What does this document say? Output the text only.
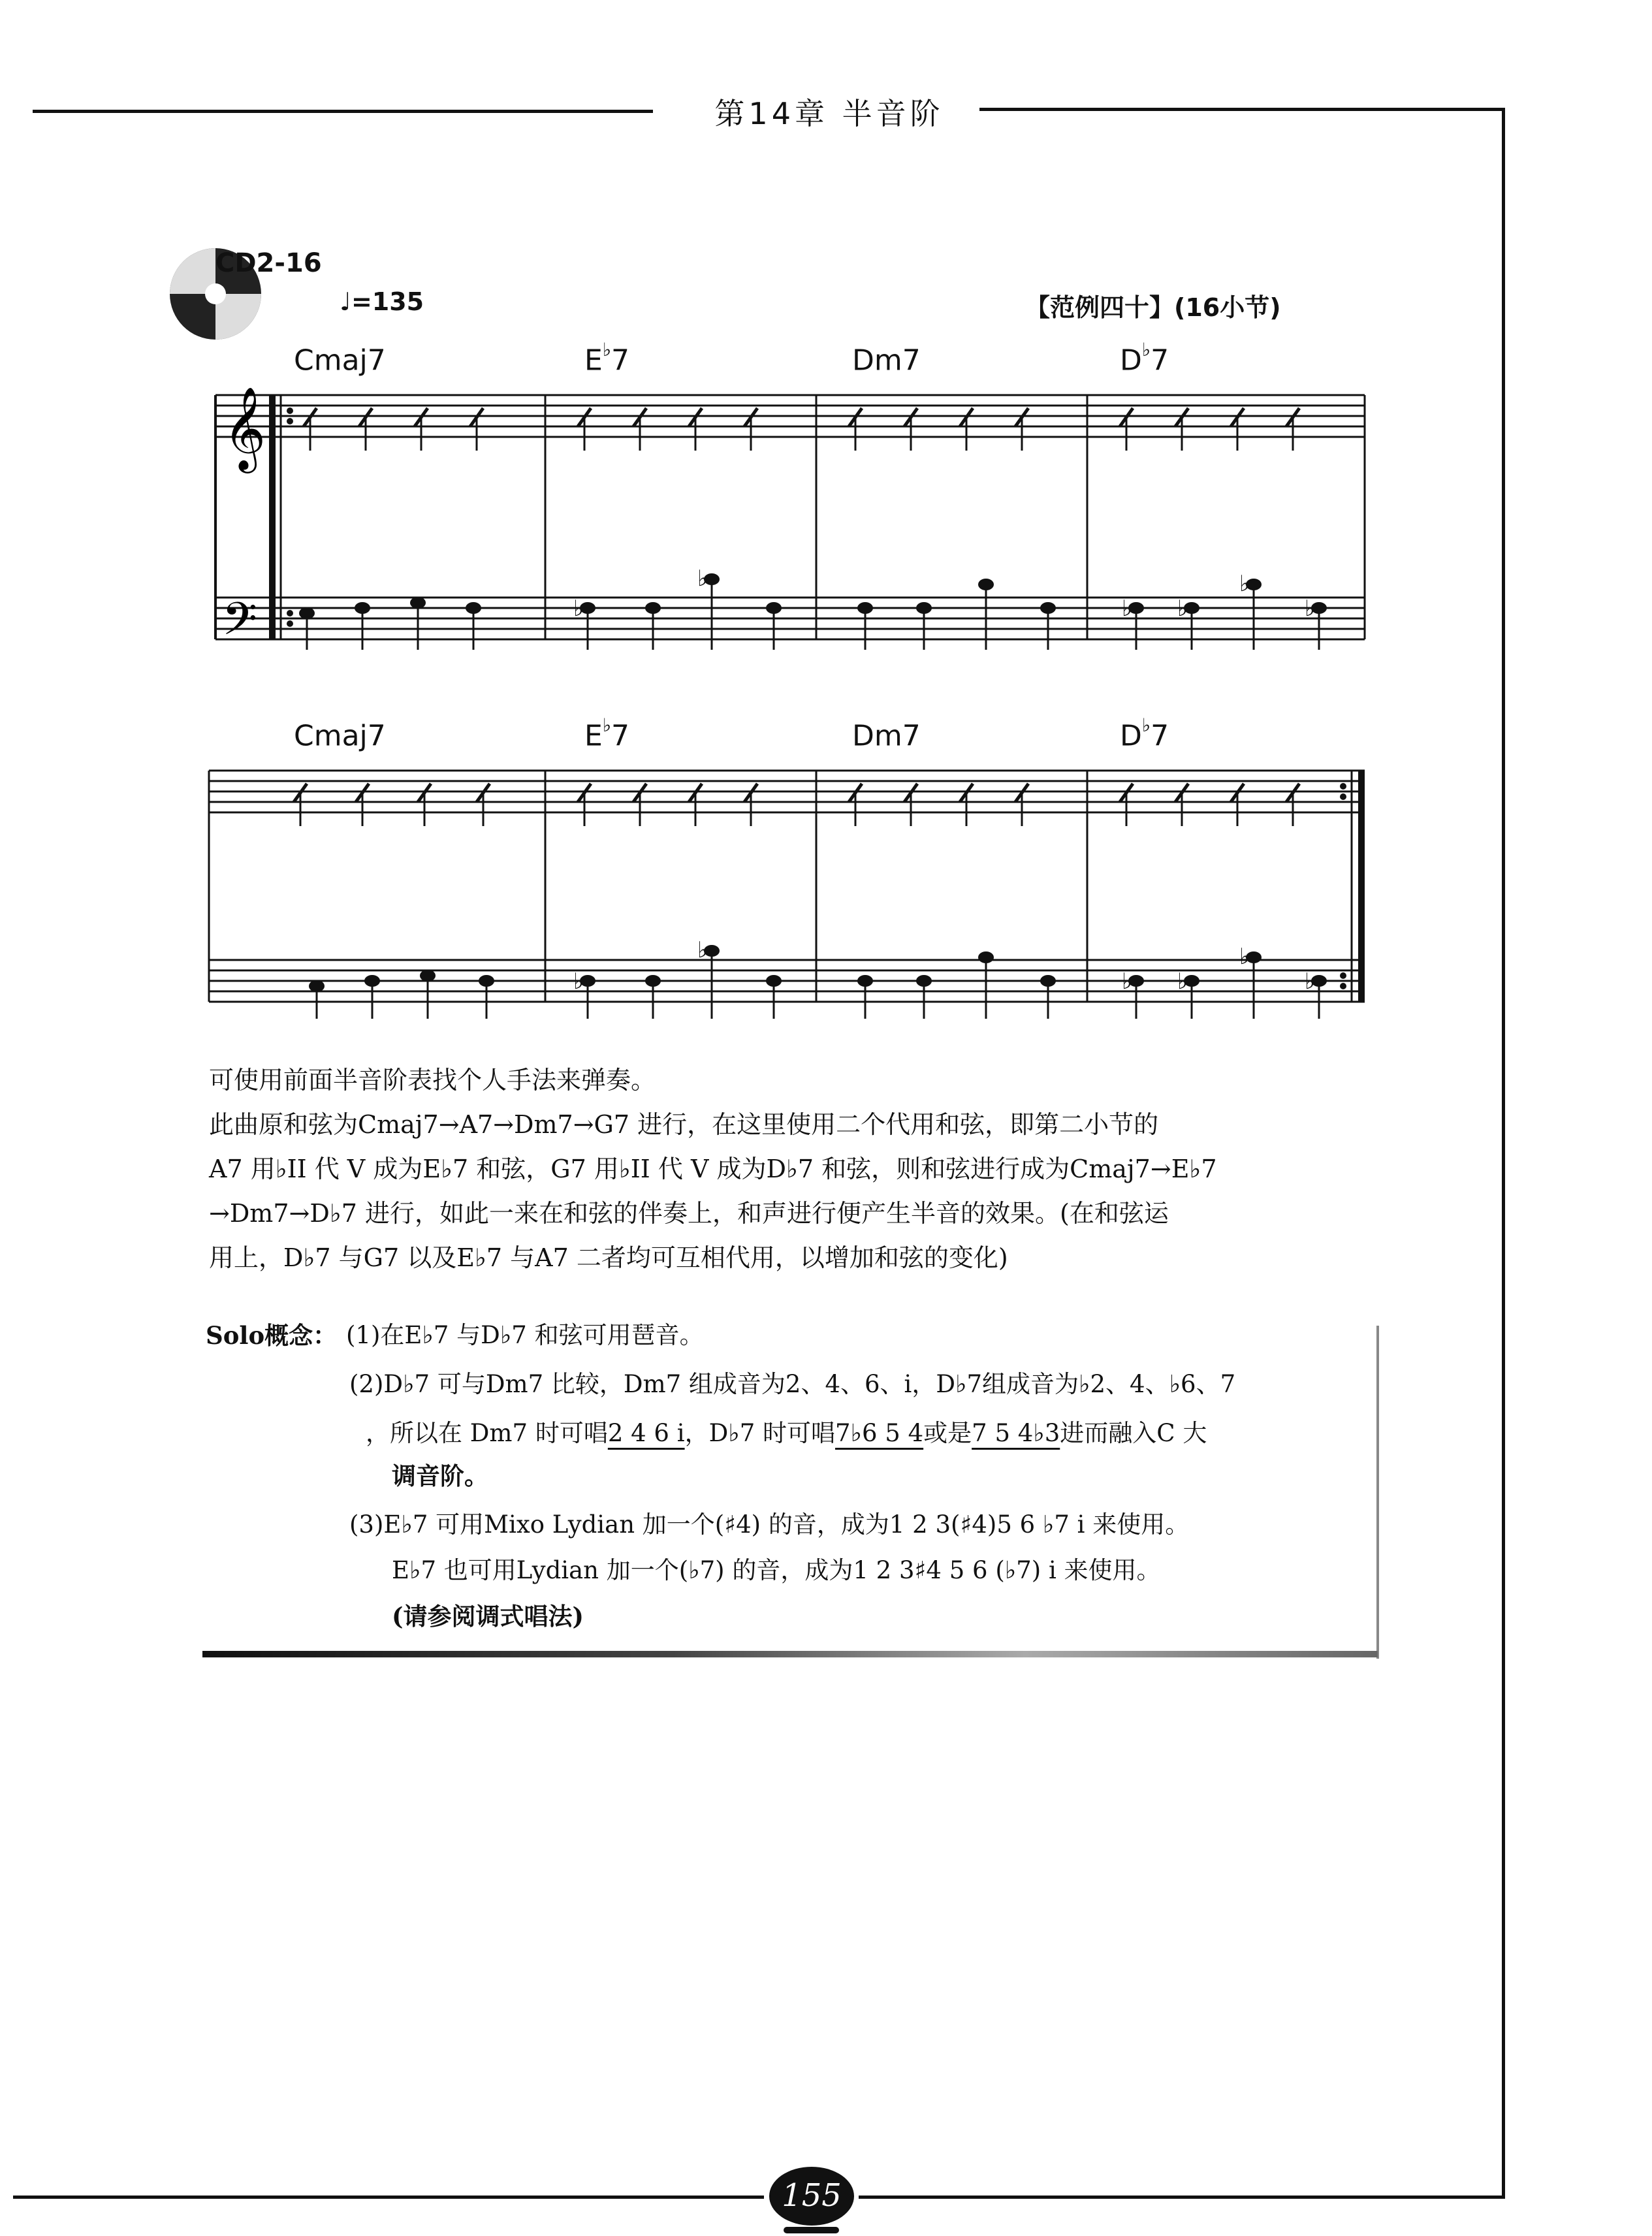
第14章 半音阶
CD2-16
♩=135	【范例四十】(16小节)
Cmaj7	E♭7	Dm7	D♭7
𝄞
𝄢	♭
♭
♭ ♭
♭
♭
Cmaj7	E♭7	Dm7	D♭7
♭
♭
♭ ♭
♭
♭
可使用前面半音阶表找个人手法来弹奏。
此曲原和弦为Cmaj7→A7→Dm7→G7 进行，在这里使用二个代用和弦，即第二小节的
A7 用♭II 代 V 成为E♭7 和弦，G7 用♭II 代 V 成为D♭7 和弦，则和弦进行成为Cmaj7→E♭7
→Dm7→D♭7 进行，如此一来在和弦的伴奏上，和声进行便产生半音的效果。(在和弦运
用上，D♭7 与G7 以及E♭7 与A7 二者均可互相代用，以增加和弦的变化)
Solo概念： (1)在E♭7 与D♭7 和弦可用琶音。
(2)D♭7 可与Dm7 比较，Dm7 组成音为2、4、6、i，D♭7组成音为♭2、4、♭6、7
，所以在 Dm7 时可唱2 4 6 i，D♭7 时可唱7♭6 5 4或是7 5 4♭3进而融入C 大
调音阶。
(3)E♭7 可用Mixo Lydian 加一个(♯4) 的音，成为1 2 3(♯4)5 6 ♭7 i 来使用。
E♭7 也可用Lydian 加一个(♭7) 的音，成为1 2 3♯4 5 6 (♭7) i 来使用。
(请参阅调式唱法)
155
